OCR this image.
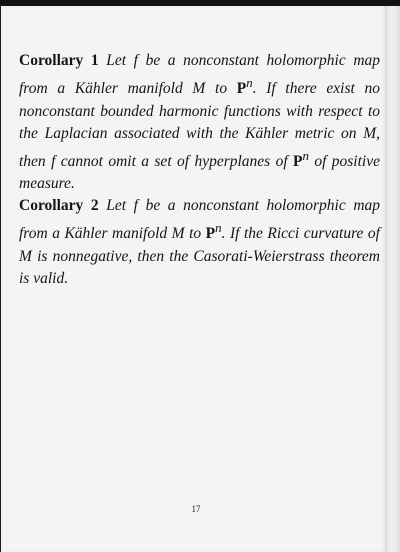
Corollary 1 Let f be a nonconstant holomorphic map from a Kähler manifold M to $P^n$. If there exist no nonconstant bounded harmonic functions with respect to the Laplacian associated with the Kähler metric on M, then f cannot omit a set of hyperplanes of $P^n$ of positive measure.

Corollary 2 Let f be a nonconstant holomorphic map from a Kähler manifold M to $P^n$. If the Ricci curvature of M is nonnegative, then the Casorati-Weierstrass theorem is valid.

17
